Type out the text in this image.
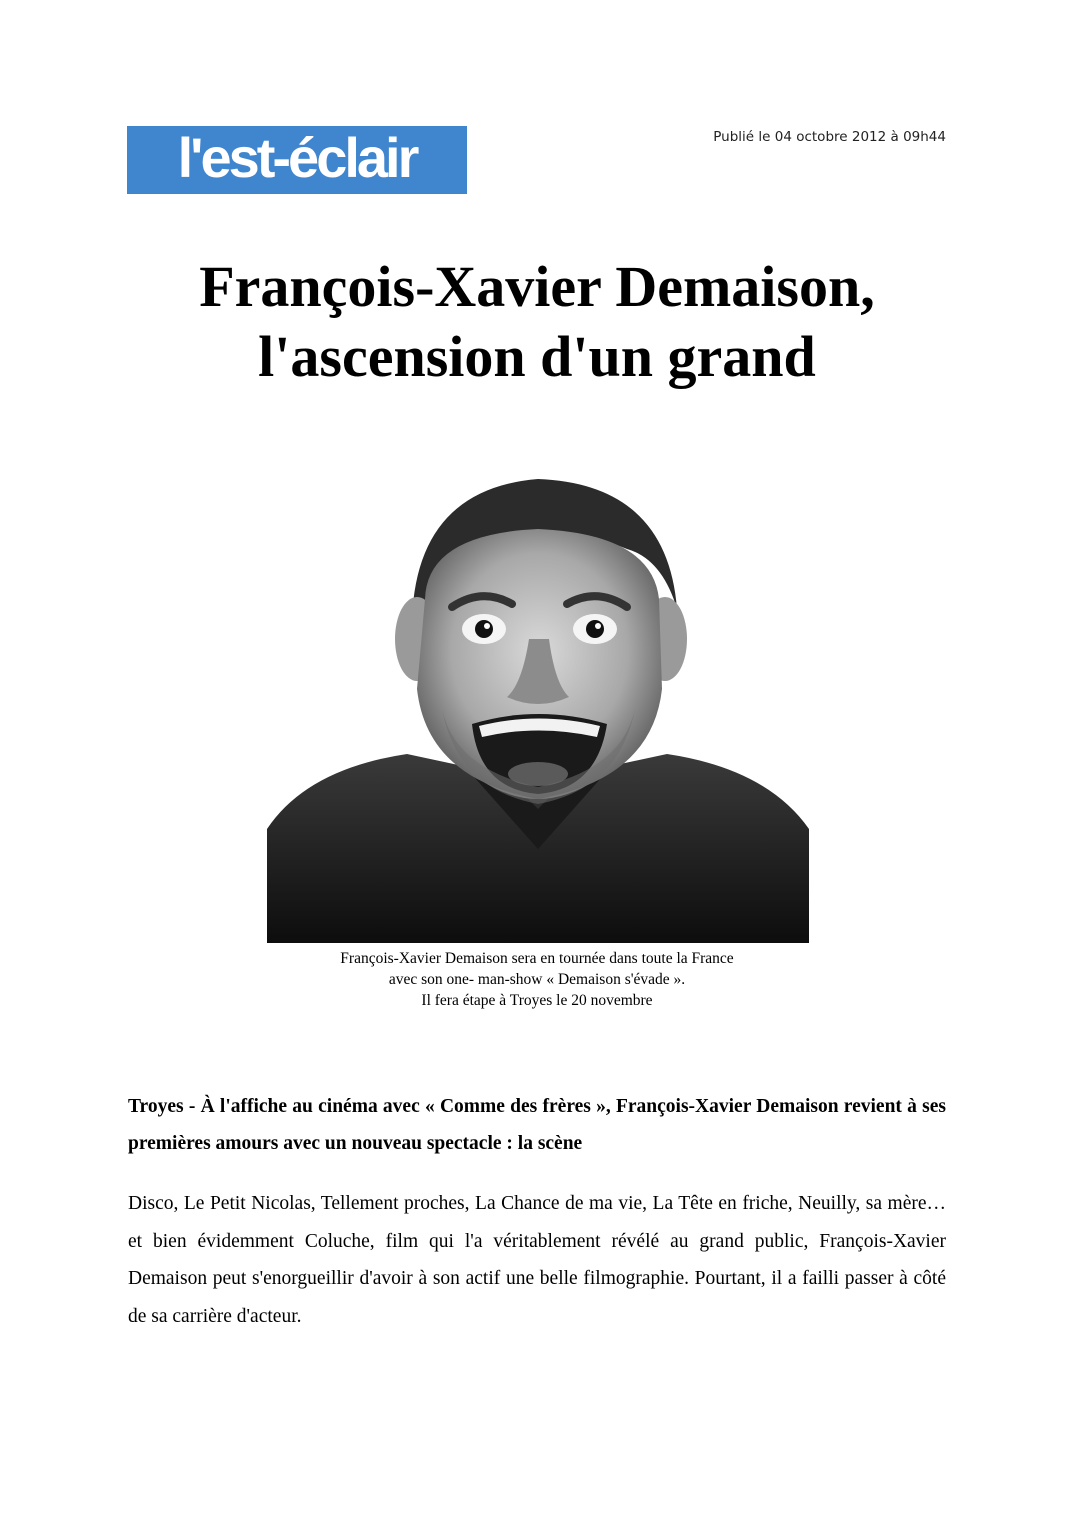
l'est-éclair	Publié le 04 octobre 2012 à 09h44
François-Xavier Demaison,
l'ascension d'un grand
François-Xavier Demaison sera en tournée dans toute la France
avec son one- man-show « Demaison s'évade ».
Il fera étape à Troyes le 20 novembre

Troyes - À l'affiche au cinéma avec « Comme des frères », François-Xavier Demaison revient à ses premières amours avec un nouveau spectacle : la scène

Disco, Le Petit Nicolas, Tellement proches, La Chance de ma vie, La Tête en friche, Neuilly, sa mère… et bien évidemment Coluche, film qui l'a véritablement révélé au grand public, François-Xavier Demaison peut s'enorgueillir d'avoir à son actif une belle filmographie. Pourtant, il a failli passer à côté de sa carrière d'acteur.
